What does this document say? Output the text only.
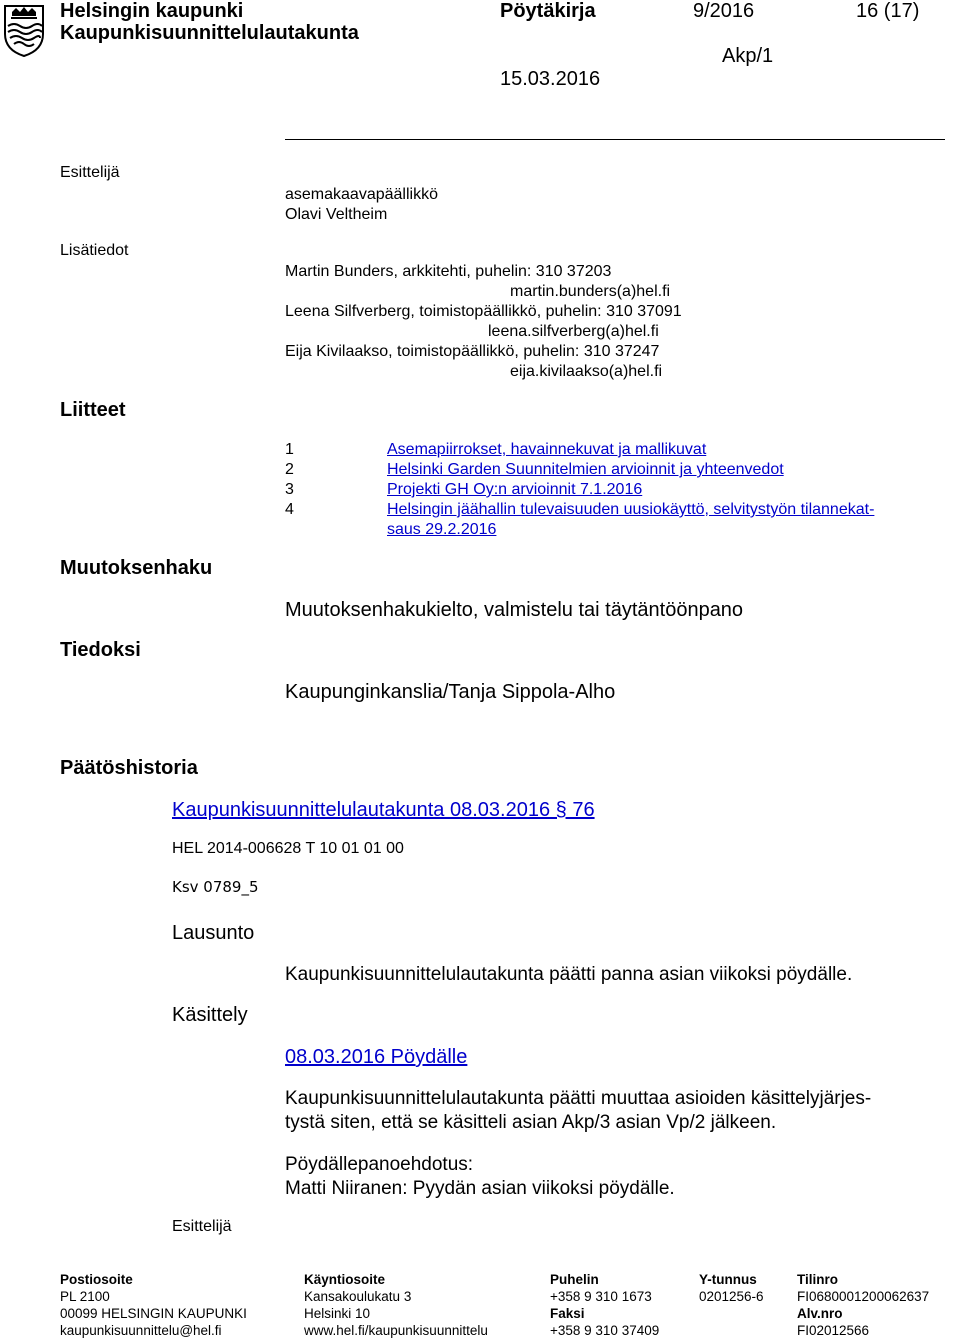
Helsingin kaupunki
Kaupunkisuunnittelulautakunta
Pöytäkirja	9/2016	16 (17)
Akp/1
15.03.2016
Esittelijä
asemakaavapäällikkö
Olavi Veltheim
Lisätiedot
Martin Bunders, arkkitehti, puhelin: 310 37203
martin.bunders(a)hel.fi
Leena Silfverberg, toimistopäällikkö, puhelin: 310 37091
leena.silfverberg(a)hel.fi
Eija Kivilaakso, toimistopäällikkö, puhelin: 310 37247
eija.kivilaakso(a)hel.fi
Liitteet
1	Asemapiirrokset, havainnekuvat ja mallikuvat
2	Helsinki Garden Suunnitelmien arvioinnit ja yhteenvedot
3	Projekti GH Oy:n arvioinnit 7.1.2016
4	Helsingin jäähallin tulevaisuuden uusiokäyttö, selvitystyön tilannekat-
saus 29.2.2016
Muutoksenhaku
Muutoksenhakukielto, valmistelu tai täytäntöönpano
Tiedoksi
Kaupunginkanslia/Tanja Sippola-Alho
Päätöshistoria
Kaupunkisuunnittelulautakunta 08.03.2016 § 76
HEL 2014-006628 T 10 01 01 00
Ksv 0789_5
Lausunto
Kaupunkisuunnittelulautakunta päätti panna asian viikoksi pöydälle.
Käsittely
08.03.2016 Pöydälle
Kaupunkisuunnittelulautakunta päätti muuttaa asioiden käsittelyjärjes-
tystä siten, että se käsitteli asian Akp/3 asian Vp/2 jälkeen.
Pöydällepanoehdotus:
Matti Niiranen: Pyydän asian viikoksi pöydälle.
Esittelijä
Postiosoite
PL 2100
00099 HELSINGIN KAUPUNKI
kaupunkisuunnittelu@hel.fi
Käyntiosoite
Kansakoulukatu 3
Helsinki 10
www.hel.fi/kaupunkisuunnittelu
Puhelin
+358 9 310 1673
Faksi
+358 9 310 37409
Y-tunnus
0201256-6
Tilinro
FI0680001200062637
Alv.nro
FI02012566
